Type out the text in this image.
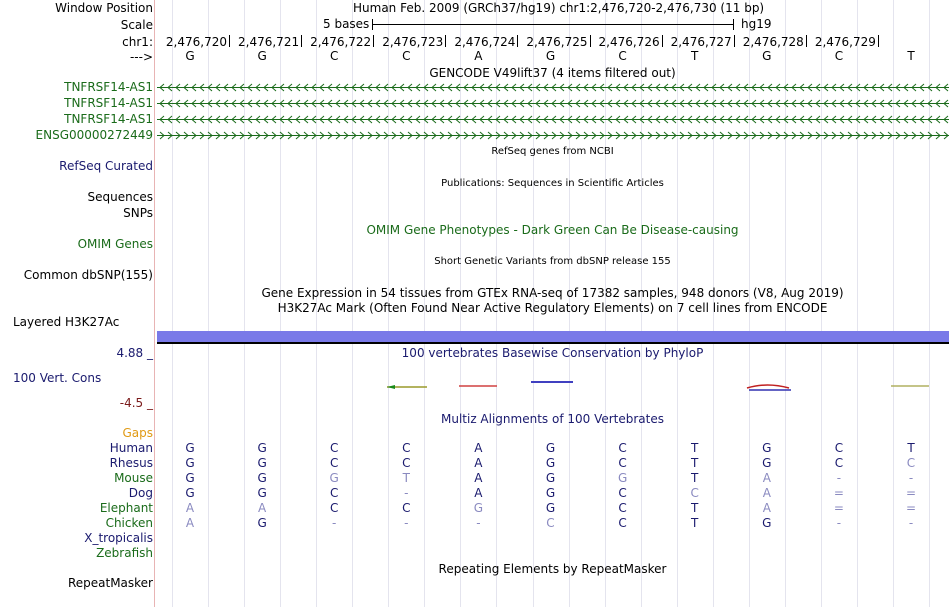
Window Position	Human Feb. 2009 (GRCh37/hg19) chr1:2,476,720-2,476,730 (11 bp)
Scale	5 bases	hg19
chr1: 2,476,720 2,476,721 2,476,722 2,476,723 2,476,724 2,476,725 2,476,726 2,476,727 2,476,728 2,476,729
--->	G	G	C	C	A	G	C	T	G	C	T
GENCODE V49lift37 (4 items filtered out)
TNFRSF14-AS1
TNFRSF14-AS1
TNFRSF14-AS1
ENSG00000272449
RefSeq genes from NCBI
RefSeq Curated
Publications: Sequences in Scientific Articles
Sequences
SNPs
OMIM Gene Phenotypes - Dark Green Can Be Disease-causing
OMIM Genes
Short Genetic Variants from dbSNP release 155
Common dbSNP(155)
Gene Expression in 54 tissues from GTEx RNA-seq of 17382 samples, 948 donors (V8, Aug 2019)
H3K27Ac Mark (Often Found Near Active Regulatory Elements) on 7 cell lines from ENCODE
Layered H3K27Ac
100 vertebrates Basewise Conservation by PhyloP
4.88 _
100 Vert. Cons
-4.5 _
Multiz Alignments of 100 Vertebrates
Gaps
Human	G	G	C	C	A	G	C	T	G	C	T
Rhesus	G	G	C	C	A	G	C	T	G	C	C
Mouse	G	G	G	T	A	G	G	T	A	-	-
Dog	G	G	C	-	A	G	C	C	A	=	=
Elephant	A	A	C	C	G	G	C	T	A	=	=
Chicken	A	G	-	-	-	C	C	T	G	-	-
X_tropicalis
Zebrafish
Repeating Elements by RepeatMasker
RepeatMasker
